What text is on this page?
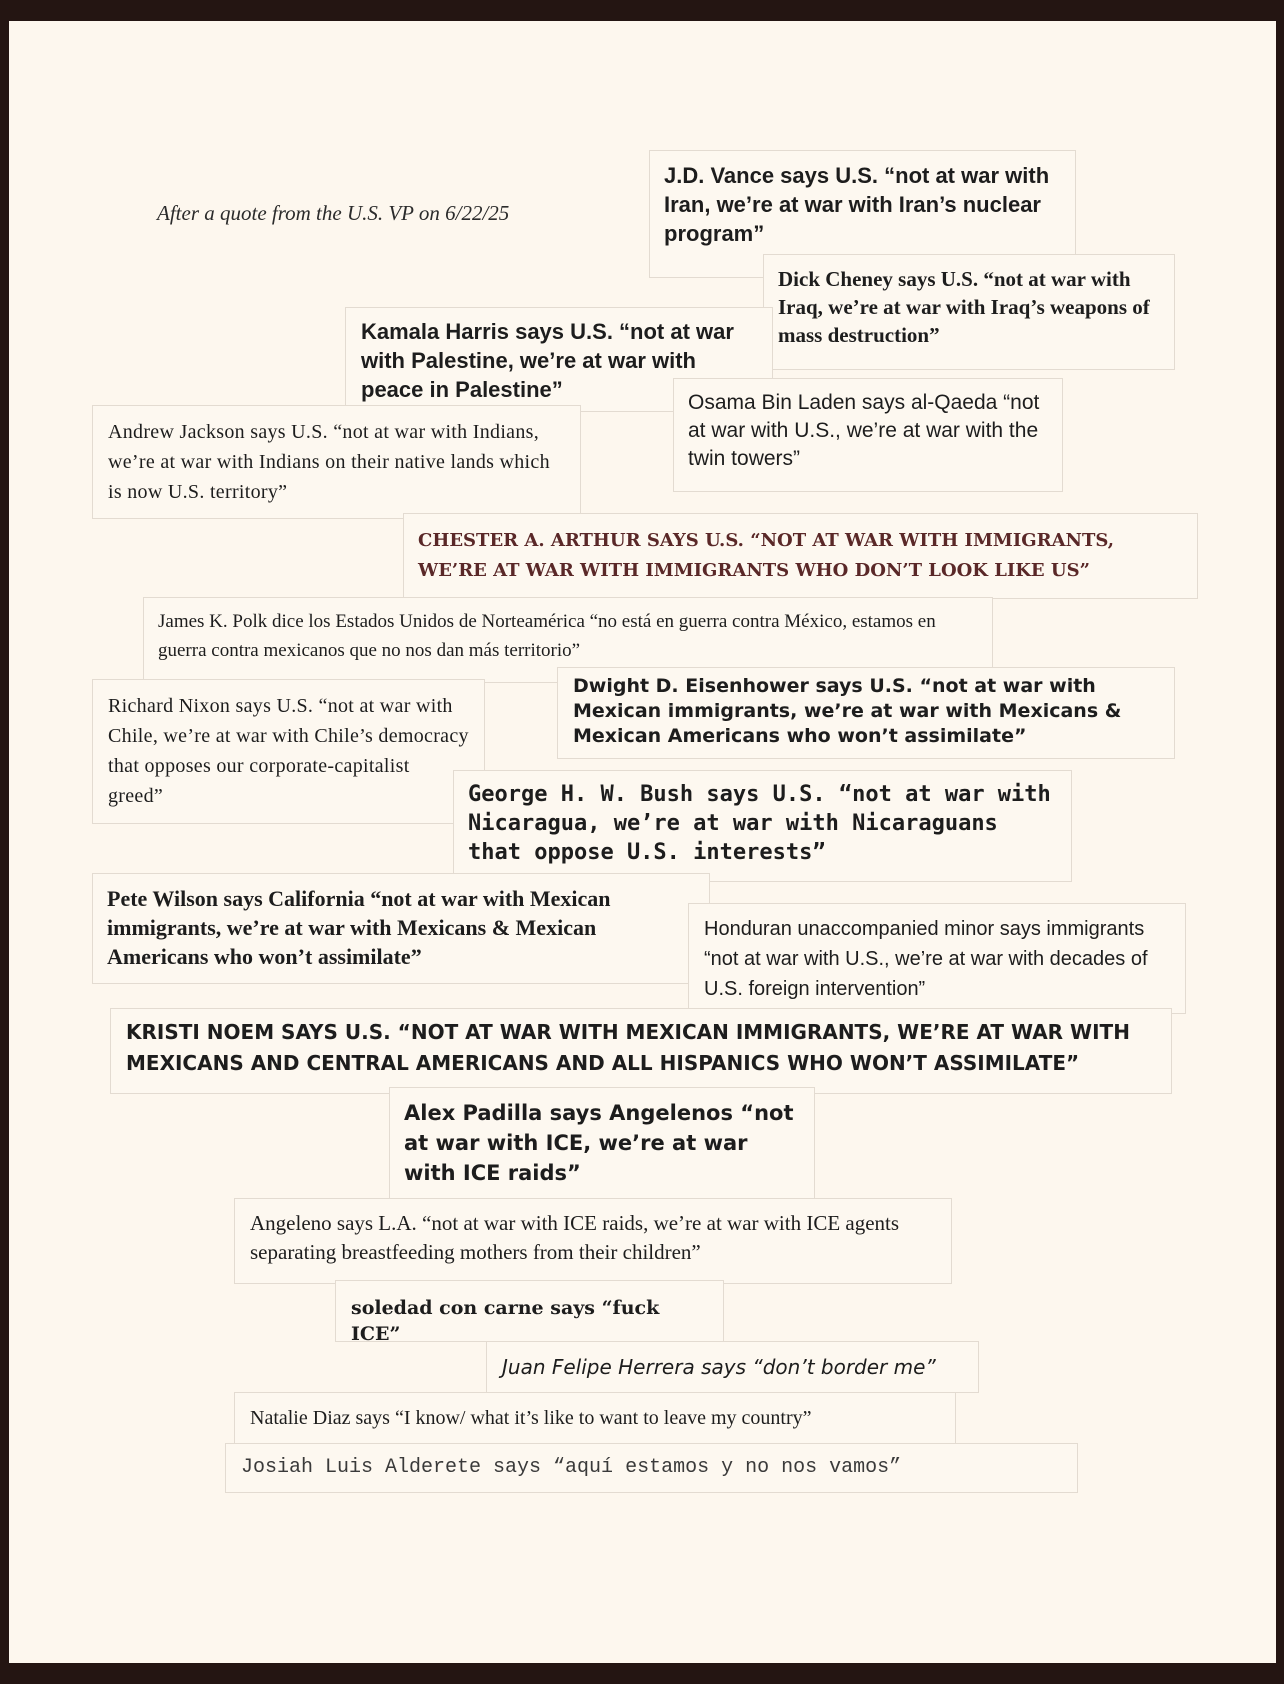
After a quote from the U.S. VP on 6/22/25

J.D. Vance says U.S. “not at war with Iran, we’re at war with Iran’s nuclear program”

Dick Cheney says U.S. “not at war with Iraq, we’re at war with Iraq’s weapons of mass destruction”

Kamala Harris says U.S. “not at war with Palestine, we’re at war with peace in Palestine”

Osama Bin Laden says al-Qaeda “not at war with U.S., we’re at war with the twin towers”

Andrew Jackson says U.S. “not at war with Indians, we’re at war with Indians on their native lands which is now U.S. territory”

CHESTER A. ARTHUR SAYS U.S. “NOT AT WAR WITH IMMIGRANTS, WE’RE AT WAR WITH IMMIGRANTS WHO DON’T LOOK LIKE US”

James K. Polk dice los Estados Unidos de Norteamérica “no está en guerra contra México, estamos en guerra contra mexicanos que no nos dan más territorio”

Dwight D. Eisenhower says U.S. “not at war with Mexican immigrants, we’re at war with Mexicans & Mexican Americans who won’t assimilate”

Richard Nixon says U.S. “not at war with Chile, we’re at war with Chile’s democracy that opposes our corporate-capitalist greed”	George H. W. Bush says U.S. “not at war with Nicaragua, we’re at war with Nicaraguans that oppose U.S. interests”

Pete Wilson says California “not at war with Mexican immigrants, we’re at war with Mexicans & Mexican Americans who won’t assimilate”

Honduran unaccompanied minor says immigrants “not at war with U.S., we’re at war with decades of U.S. foreign intervention”

KRISTI NOEM SAYS U.S. “NOT AT WAR WITH MEXICAN IMMIGRANTS, WE’RE AT WAR WITH MEXICANS AND CENTRAL AMERICANS AND ALL HISPANICS WHO WON’T ASSIMILATE”

Alex Padilla says Angelenos “not at war with ICE, we’re at war with ICE raids”

Angeleno says L.A. “not at war with ICE raids, we’re at war with ICE agents separating breastfeeding mothers from their children”

soledad con carne says “fuck ICE”

Juan Felipe Herrera says “don’t border me”

Natalie Diaz says “I know/ what it’s like to want to leave my country”

Josiah Luis Alderete says “aquí estamos y no nos vamos”
